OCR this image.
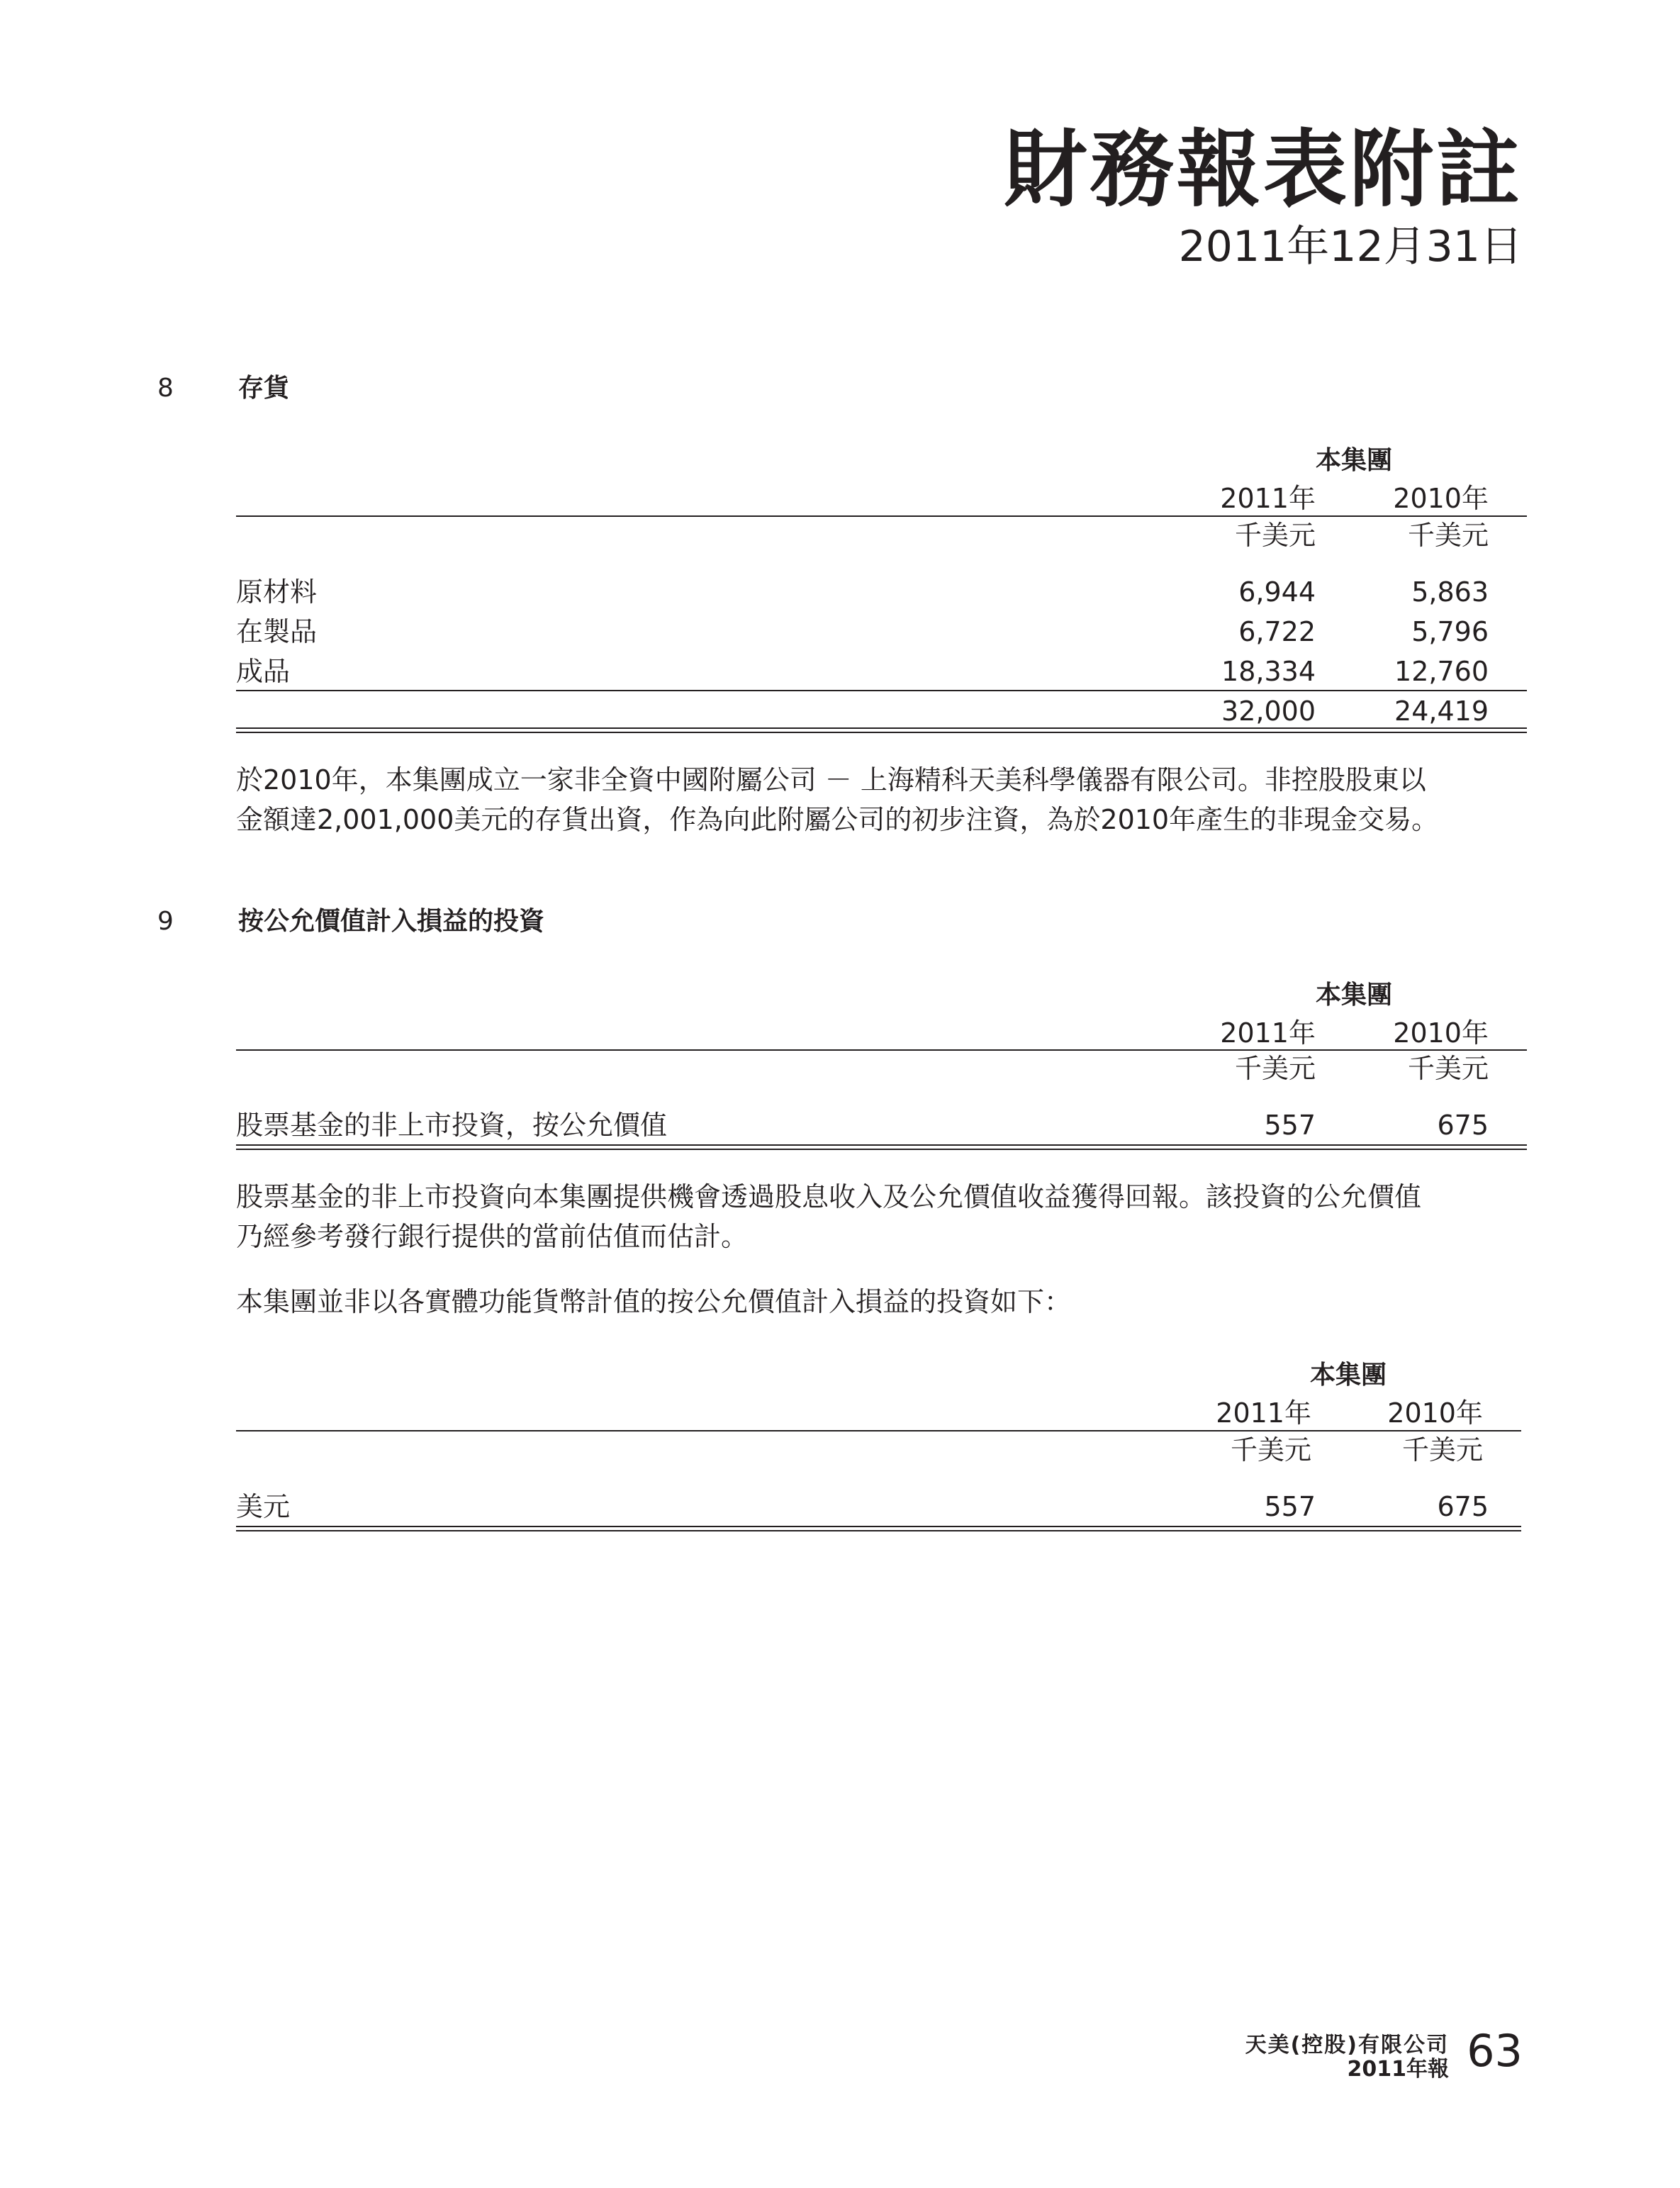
財務報表附註
2011年12月31日
8	存貨
本集團
2011年	2010年
千美元	千美元
原材料	6,944	5,863
在製品	6,722	5,796
成品	18,334	12,760
32,000	24,419
於2010年，本集團成立一家非全資中國附屬公司 － 上海精科天美科學儀器有限公司。非控股股東以
金額達2,001,000美元的存貨出資，作為向此附屬公司的初步注資，為於2010年產生的非現金交易。
9	按公允價值計入損益的投資
本集團
2011年	2010年
千美元	千美元
股票基金的非上市投資，按公允價值	557	675
股票基金的非上市投資向本集團提供機會透過股息收入及公允價值收益獲得回報。該投資的公允價值
乃經參考發行銀行提供的當前估值而估計。
本集團並非以各實體功能貨幣計值的按公允價值計入損益的投資如下：
本集團
2011年	2010年
千美元	千美元
美元	557	675
天美(控股)有限公司
2011年報 63
